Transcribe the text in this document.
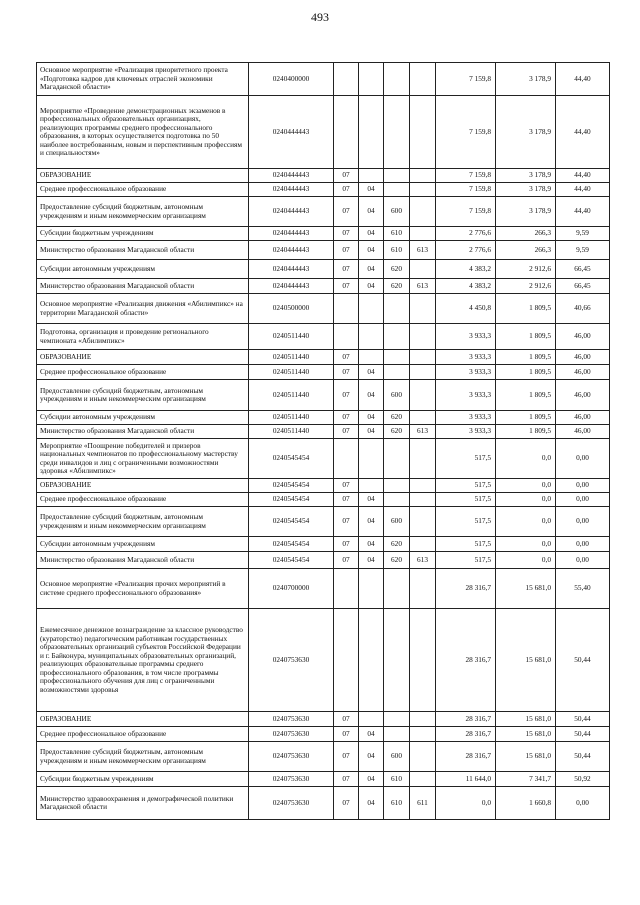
493
Основное мероприятие «Реализация приоритетного проекта «Подготовка кадров для ключевых отраслей экономики Магаданской области»	0240400000					7 159,8	3 178,9	44,40
Мероприятие «Проведение демонстрационных экзаменов в профессиональных образовательных организациях, реализующих программы среднего профессионального образования, в которых осуществляется подготовка по 50 наиболее востребованным, новым и перспективным профессиям и специальностям»	0240444443					7 159,8	3 178,9	44,40
ОБРАЗОВАНИЕ	0240444443	07				7 159,8	3 178,9	44,40
Среднее профессиональное образование	0240444443	07	04			7 159,8	3 178,9	44,40
Предоставление субсидий бюджетным, автономным учреждениям и иным некоммерческим организациям	0240444443	07	04	600		7 159,8	3 178,9	44,40
Субсидии бюджетным учреждениям	0240444443	07	04	610		2 776,6	266,3	9,59
Министерство образования Магаданской области	0240444443	07	04	610	613	2 776,6	266,3	9,59
Субсидии автономным учреждениям	0240444443	07	04	620		4 383,2	2 912,6	66,45
Министерство образования Магаданской области	0240444443	07	04	620	613	4 383,2	2 912,6	66,45
Основное мероприятие «Реализация движения «Абилимпикс» на территории Магаданской области»	0240500000					4 450,8	1 809,5	40,66
Подготовка, организация и проведение регионального чемпионата «Абилимпикс»	0240511440					3 933,3	1 809,5	46,00
ОБРАЗОВАНИЕ	0240511440	07				3 933,3	1 809,5	46,00
Среднее профессиональное образование	0240511440	07	04			3 933,3	1 809,5	46,00
Предоставление субсидий бюджетным, автономным учреждениям и иным некоммерческим организациям	0240511440	07	04	600		3 933,3	1 809,5	46,00
Субсидии автономным учреждениям	0240511440	07	04	620		3 933,3	1 809,5	46,00
Министерство образования Магаданской области	0240511440	07	04	620	613	3 933,3	1 809,5	46,00
Мероприятие «Поощрение победителей и призеров национальных чемпионатов по профессиональному мастерству среди инвалидов и лиц с ограниченными возможностями здоровья «Абилимпикс»	0240545454					517,5	0,0	0,00
ОБРАЗОВАНИЕ	0240545454	07				517,5	0,0	0,00
Среднее профессиональное образование	0240545454	07	04			517,5	0,0	0,00
Предоставление субсидий бюджетным, автономным учреждениям и иным некоммерческим организациям	0240545454	07	04	600		517,5	0,0	0,00
Субсидии автономным учреждениям	0240545454	07	04	620		517,5	0,0	0,00
Министерство образования Магаданской области	0240545454	07	04	620	613	517,5	0,0	0,00
Основное мероприятие «Реализация прочих мероприятий в системе среднего профессионального образования»	0240700000					28 316,7	15 681,0	55,40
Ежемесячное денежное вознаграждение за классное руководство (кураторство) педагогическим работникам государственных образовательных организаций субъектов Российской Федерации и г. Байконура, муниципальных образовательных организаций, реализующих образовательные программы среднего профессионального образования, в том числе программы профессионального обучения для лиц с ограниченными возможностями здоровья	0240753630					28 316,7	15 681,0	50,44
ОБРАЗОВАНИЕ	0240753630	07				28 316,7	15 681,0	50,44
Среднее профессиональное образование	0240753630	07	04			28 316,7	15 681,0	50,44
Предоставление субсидий бюджетным, автономным учреждениям и иным некоммерческим организациям	0240753630	07	04	600		28 316,7	15 681,0	50,44
Субсидии бюджетным учреждениям	0240753630	07	04	610		11 644,0	7 341,7	50,92
Министерство здравоохранения и демографической политики Магаданской области	0240753630	07	04	610	611	0,0	1 660,8	0,00
